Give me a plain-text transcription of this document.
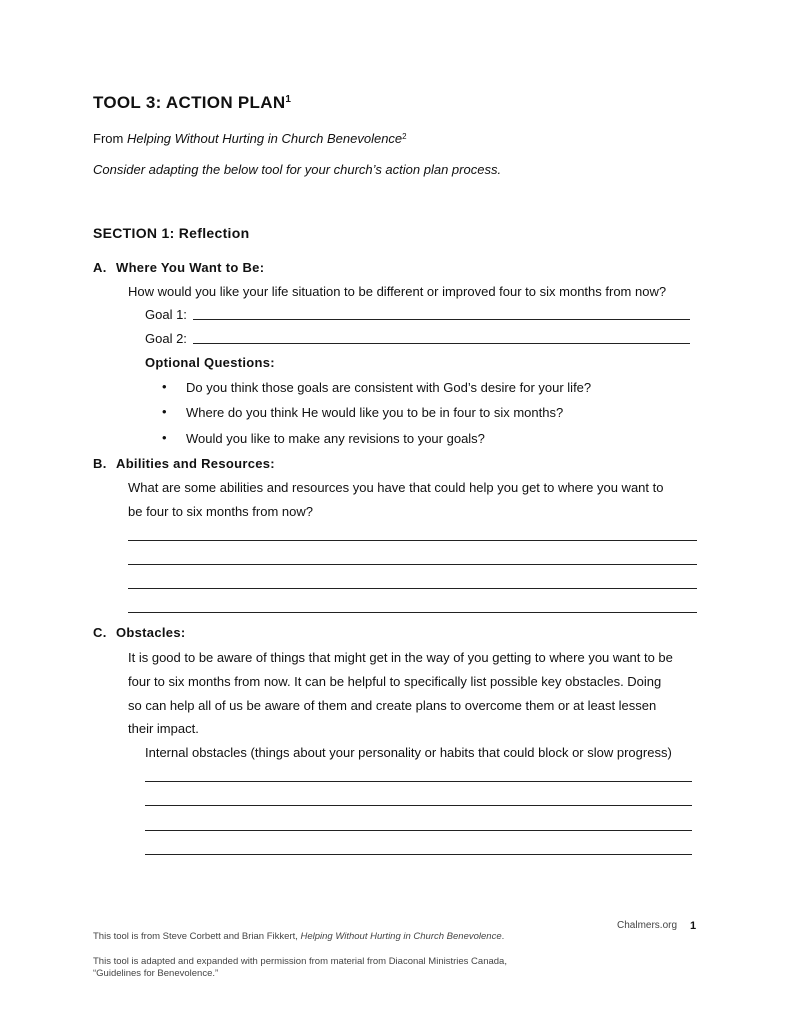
TOOL 3: ACTION PLAN$^1$
From Helping Without Hurting in Church Benevolence$^2$
Consider adapting the below tool for your church’s action plan process.
SECTION 1: Reflection
A. Where You Want to Be:
How would you like your life situation to be different or improved four to six months from now?
Goal 1:
Goal 2:
Optional Questions:
• Do you think those goals are consistent with God’s desire for your life?
• Where do you think He would like you to be in four to six months?
• Would you like to make any revisions to your goals?
B. Abilities and Resources:
What are some abilities and resources you have that could help you get to where you want to
be four to six months from now?
C. Obstacles:
It is good to be aware of things that might get in the way of you getting to where you want to be
four to six months from now. It can be helpful to specifically list possible key obstacles. Doing
so can help all of us be aware of them and create plans to overcome them or at least lessen
their impact.
Internal obstacles (things about your personality or habits that could block or slow progress)
Chalmers.org 1
This tool is from Steve Corbett and Brian Fikkert, Helping Without Hurting in Church Benevolence.
This tool is adapted and expanded with permission from material from Diaconal Ministries Canada,
“Guidelines for Benevolence.”
